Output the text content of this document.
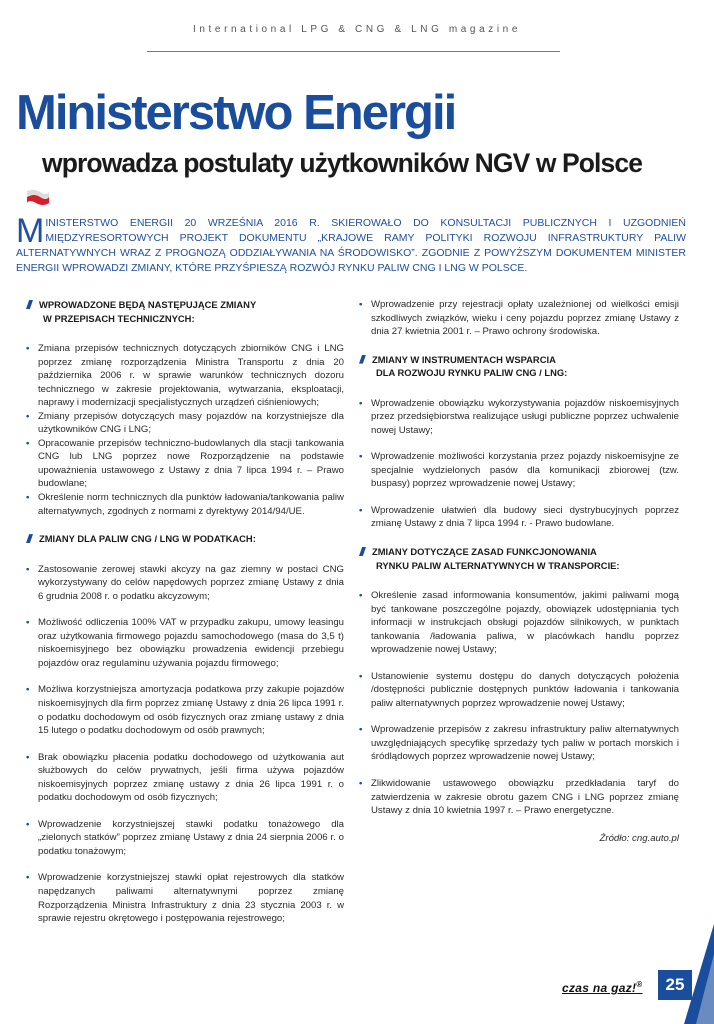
International LPG & CNG & LNG magazine
Ministerstwo Energii
wprowadza postulaty użytkowników NGV w Polsce

MINISTERSTWO ENERGII 20 WRZEŚNIA 2016 R. SKIEROWAŁO DO KONSULTACJI PUBLICZNYCH I UZGODNIEŃ MIĘDZYRESORTOWYCH PROJEKT DOKUMENTU „KRAJOWE RAMY POLITYKI ROZWOJU INFRASTRUKTURY PALIW ALTERNATYWNYCH WRAZ Z PROGNOZĄ ODDZIAŁYWANIA NA ŚRODOWISKO”. ZGODNIE Z POWYŻSZYM DOKUMENTEM MINISTER ENERGII WPROWADZI ZMIANY, KTÓRE PRZYŚPIESZĄ ROZWÓJ RYNKU PALIW CNG I LNG W POLSCE.

WPROWADZONE BĘDĄ NASTĘPUJĄCE ZMIANY
W PRZEPISACH TECHNICZNYCH:
• Zmiana przepisów technicznych dotyczących zbiorników CNG i LNG poprzez zmianę rozporządzenia Ministra Transportu z dnia 20 października 2006 r. w sprawie warunków technicznych dozoru technicznego w zakresie projektowania, wytwarzania, eksploatacji, naprawy i modernizacji specjalistycznych urządzeń ciśnieniowych;
• Zmiany przepisów dotyczących masy pojazdów na korzystniejsze dla użytkowników CNG i LNG;
• Opracowanie przepisów techniczno-budowlanych dla stacji tankowania CNG lub LNG poprzez nowe Rozporządzenie na podstawie upoważnienia ustawowego z Ustawy z dnia 7 lipca 1994 r. – Prawo budowlane;
• Określenie norm technicznych dla punktów ładowania/tankowania paliw alternatywnych, zgodnych z normami z dyrektywy 2014/94/UE.
ZMIANY DLA PALIW CNG / LNG W PODATKACH:
• Zastosowanie zerowej stawki akcyzy na gaz ziemny w postaci CNG wykorzystywany do celów napędowych poprzez zmianę Ustawy z dnia 6 grudnia 2008 r. o podatku akcyzowym;
• Możliwość odliczenia 100% VAT w przypadku zakupu, umowy leasingu oraz użytkowania firmowego pojazdu samochodowego (masa do 3,5 t) niskoemisyjnego bez obowiązku prowadzenia ewidencji przebiegu pojazdów oraz regulaminu używania pojazdu firmowego;
• Możliwa korzystniejsza amortyzacja podatkowa przy zakupie pojazdów niskoemisyjnych dla firm poprzez zmianę Ustawy z dnia 26 lipca 1991 r. o podatku dochodowym od osób fizycznych oraz zmianę ustawy z dnia 15 lutego o podatku dochodowym od osób prawnych;
• Brak obowiązku płacenia podatku dochodowego od użytkowania aut służbowych do celów prywatnych, jeśli firma używa pojazdów niskoemisyjnych poprzez zmianę ustawy z dnia 26 lipca 1991 r. o podatku dochodowym od osób fizycznych;
• Wprowadzenie korzystniejszej stawki podatku tonażowego dla „zielonych statków” poprzez zmianę Ustawy z dnia 24 sierpnia 2006 r. o podatku tonażowym;
• Wprowadzenie korzystniejszej stawki opłat rejestrowych dla statków napędzanych paliwami alternatywnymi poprzez zmianę Rozporządzenia Ministra Infrastruktury z dnia 23 stycznia 2003 r. w sprawie rejestru okrętowego i postępowania rejestrowego;
• Wprowadzenie przy rejestracji opłaty uzależnionej od wielkości emisji szkodliwych związków, wieku i ceny pojazdu poprzez zmianę Ustawy z dnia 27 kwietnia 2001 r. – Prawo ochrony środowiska.
ZMIANY W INSTRUMENTACH WSPARCIA
DLA ROZWOJU RYNKU PALIW CNG / LNG:
• Wprowadzenie obowiązku wykorzystywania pojazdów niskoemisyjnych przez przedsiębiorstwa realizujące usługi publiczne poprzez uchwalenie nowej Ustawy;
• Wprowadzenie możliwości korzystania przez pojazdy niskoemisyjne ze specjalnie wydzielonych pasów dla komunikacji zbiorowej (tzw. buspasy) poprzez wprowadzenie nowej Ustawy;
• Wprowadzenie ułatwień dla budowy sieci dystrybucyjnych poprzez zmianę Ustawy z dnia 7 lipca 1994 r. - Prawo budowlane.
ZMIANY DOTYCZĄCE ZASAD FUNKCJONOWANIA
RYNKU PALIW ALTERNATYWNYCH W TRANSPORCIE:
• Określenie zasad informowania konsumentów, jakimi paliwami mogą być tankowane poszczególne pojazdy, obowiązek udostępniania tych informacji w instrukcjach obsługi pojazdów silnikowych, w punktach tankowania /ładowania paliwa, w placówkach handlu poprzez wprowadzenie nowej Ustawy;
• Ustanowienie systemu dostępu do danych dotyczących położenia /dostępności publicznie dostępnych punktów ładowania i tankowania paliw alternatywnych poprzez wprowadzenie nowej Ustawy;
• Wprowadzenie przepisów z zakresu infrastruktury paliw alternatywnych uwzględniających specyfikę sprzedaży tych paliw w portach morskich i śródlądowych poprzez wprowadzenie nowej Ustawy;
• Zlikwidowanie ustawowego obowiązku przedkładania taryf do zatwierdzenia w zakresie obrotu gazem CNG i LNG poprzez zmianę Ustawy z dnia 10 kwietnia 1997 r. – Prawo energetyczne.
Źródło: cng.auto.pl
czas na gaz!®	25
